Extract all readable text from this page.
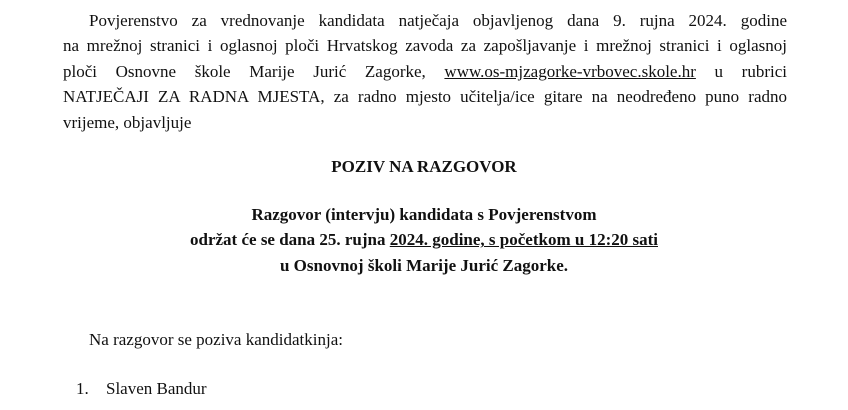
Povjerenstvo za vrednovanje kandidata natječaja objavljenog dana 9. rujna 2024. godine
na mrežnoj stranici i oglasnoj ploči Hrvatskog zavoda za zapošljavanje i mrežnoj stranici i oglasnoj
ploči Osnovne škole Marije Jurić Zagorke, www.os-mjzagorke-vrbovec.skole.hr u rubrici
NATJEČAJI ZA RADNA MJESTA, za radno mjesto učitelja/ice gitare na neodređeno puno radno
vrijeme, objavljuje
POZIV NA RAZGOVOR
Razgovor (intervju) kandidata s Povjerenstvom
održat će se dana 25. rujna 2024. godine, s početkom u 12:20 sati
u Osnovnoj školi Marije Jurić Zagorke.
Na razgovor se poziva kandidatkinja:
1. Slaven Bandur
